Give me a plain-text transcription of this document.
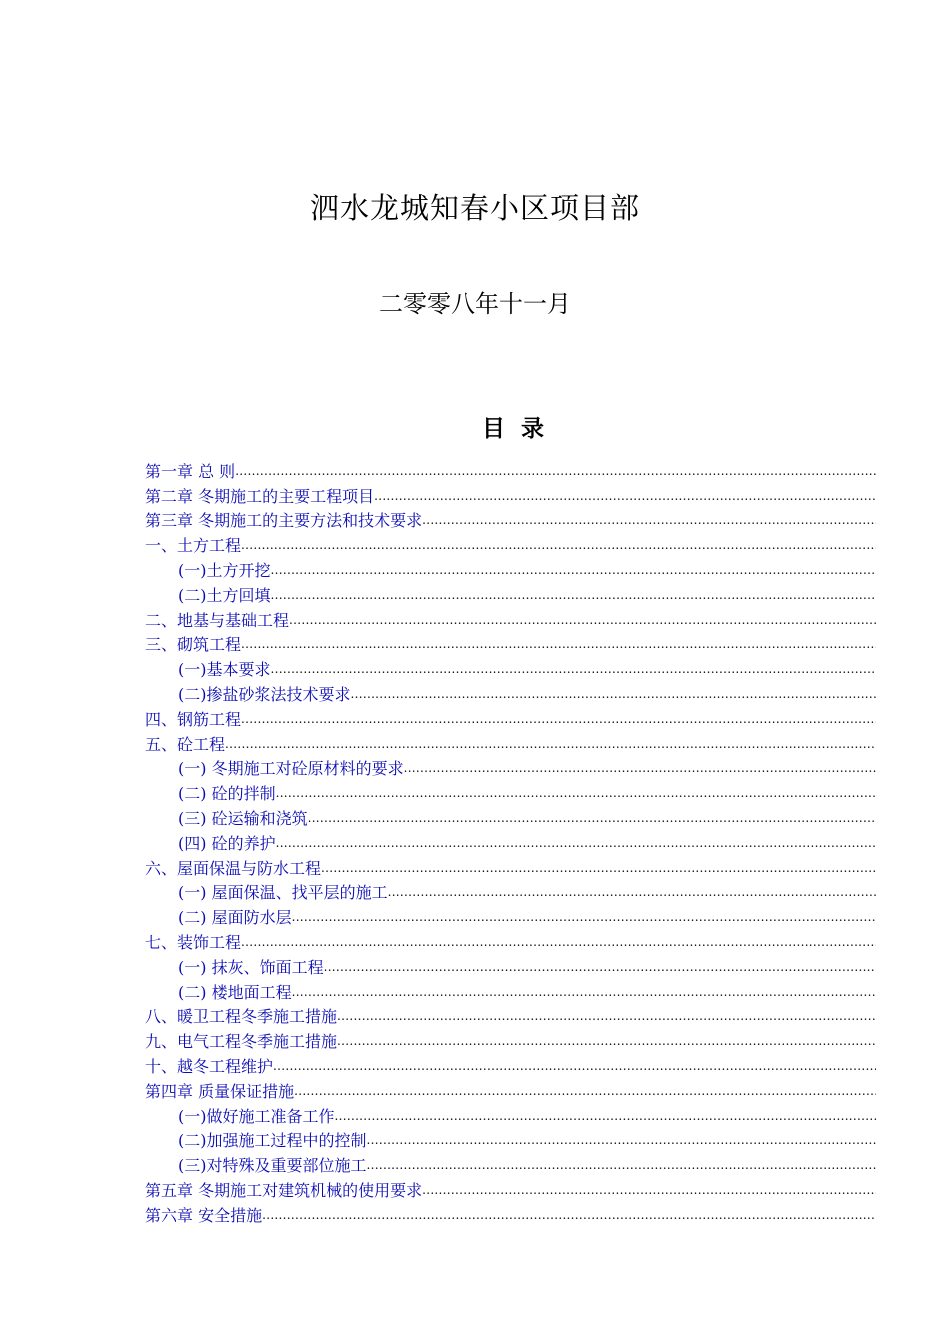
泗水龙城知春小区项目部
二零零八年十一月
目 录
第一章 总 则
.....
第二章 冬期施工的主要工程项目
.....
第三章 冬期施工的主要方法和技术要求
.....
一、土方工程
.....
(一)土方开挖
.....
(二)土方回填
.....
二、地基与基础工程
.....
三、砌筑工程
.....
(一)基本要求
.....
(二)掺盐砂浆法技术要求
.....
四、钢筋工程
.....
五、砼工程
.....
(一) 冬期施工对砼原材料的要求
.....
(二) 砼的拌制
.....
(三) 砼运输和浇筑
.....
(四) 砼的养护
.....
六、屋面保温与防水工程
.....
(一) 屋面保温、找平层的施工
.....
(二) 屋面防水层
.....
七、装饰工程
.....
(一) 抹灰、饰面工程
.....
(二) 楼地面工程
.....
八、暖卫工程冬季施工措施
.....
九、电气工程冬季施工措施
.....
十、越冬工程维护
.....
第四章 质量保证措施
.....
(一)做好施工准备工作
.....
(二)加强施工过程中的控制
.....
(三)对特殊及重要部位施工
.....
第五章 冬期施工对建筑机械的使用要求
.....
第六章 安全措施
.....
